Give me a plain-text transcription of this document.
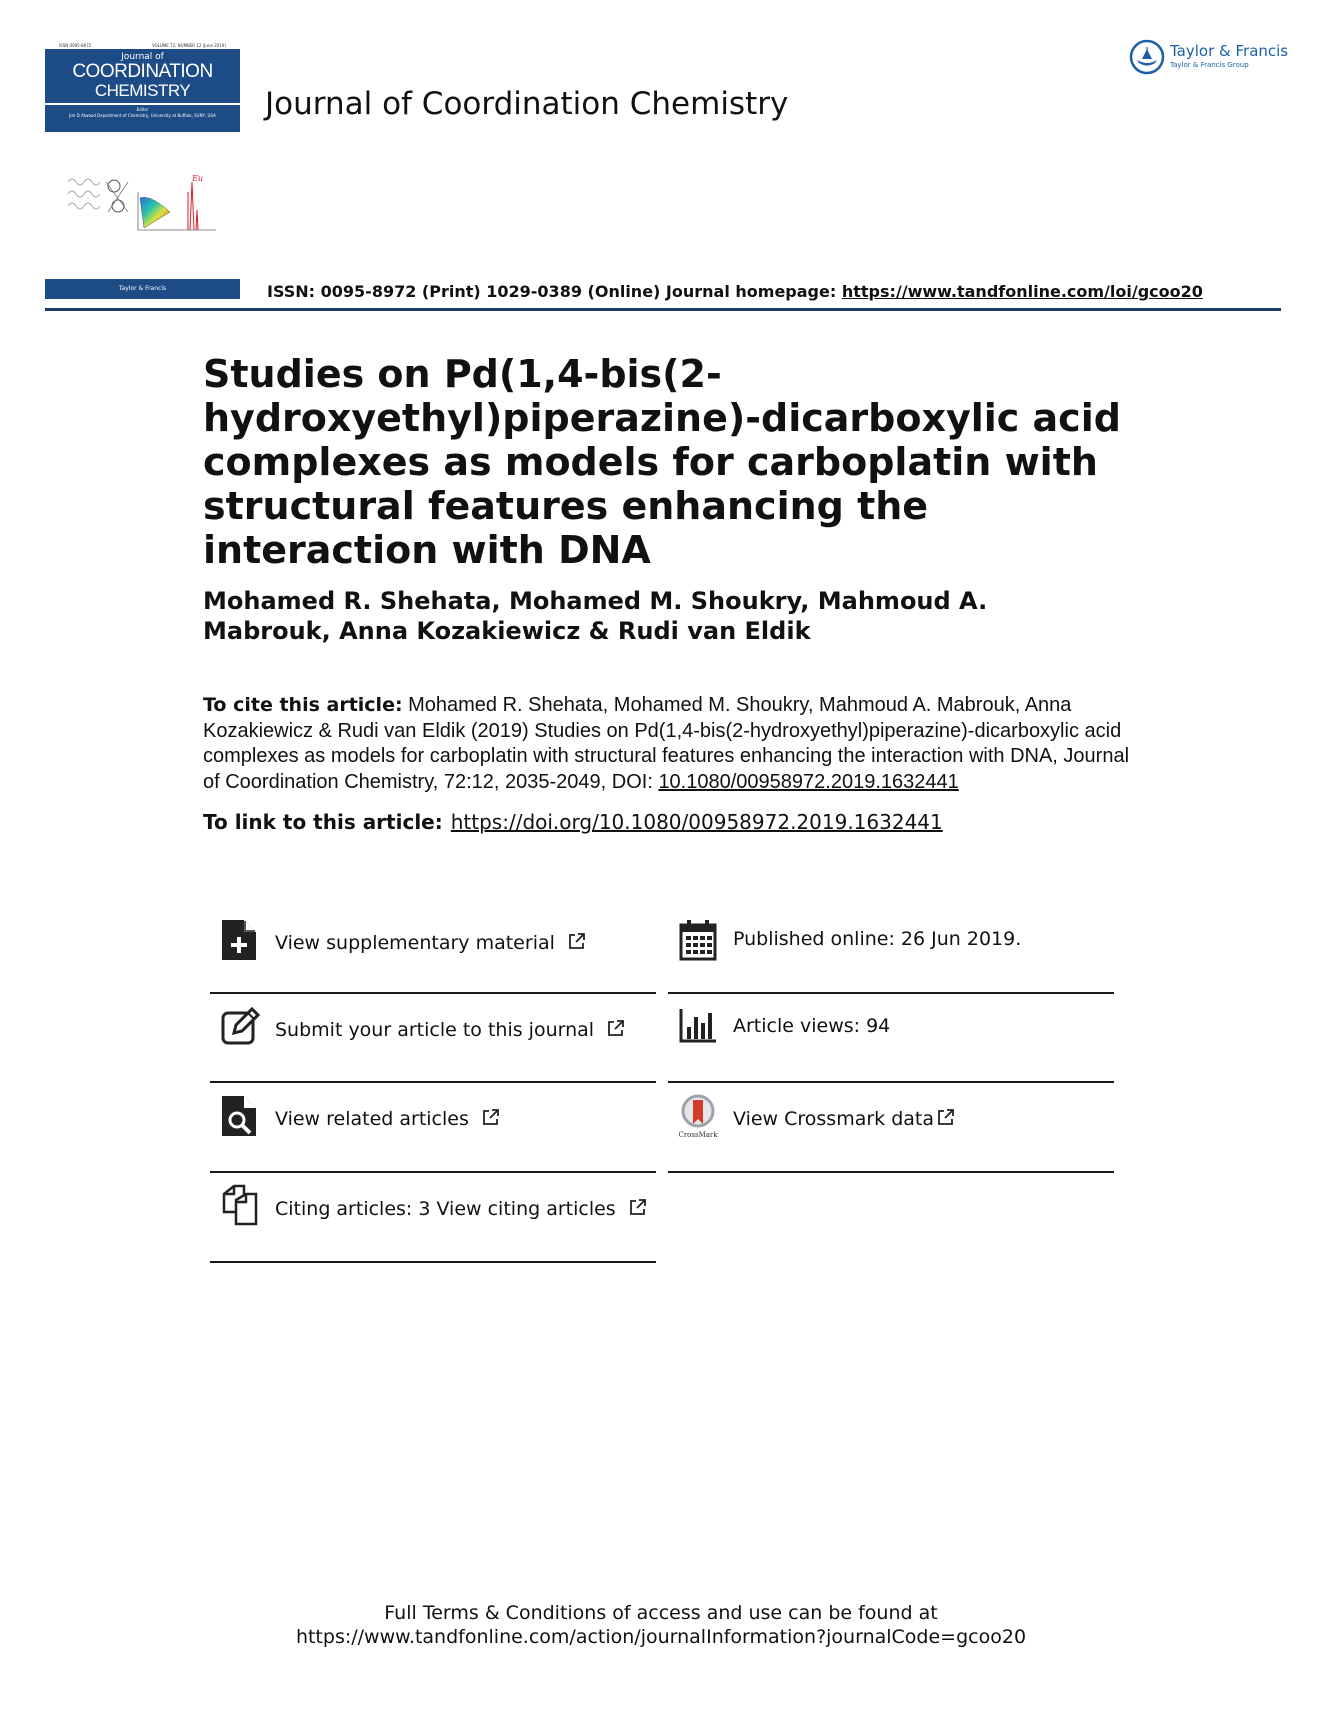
ISSN 0095-8972	VOLUME 72, NUMBER 12 (June 2019)
Journal of
COORDINATION
CHEMISTRY
Editor
Jim D Atwood Department of Chemistry, University at Buffalo, SUNY, USA	Journal of Coordination Chemistry
Taylor & Francis
Taylor & Francis Group
Eu
Taylor & Francis	ISSN: 0095-8972 (Print) 1029-0389 (Online) Journal homepage: https://www.tandfonline.com/loi/gcoo20
Studies on Pd(1,4-bis(2-hydroxyethyl)piperazine)-dicarboxylic acid complexes as models for carboplatin with structural features enhancing the interaction with DNA
Mohamed R. Shehata, Mohamed M. Shoukry, Mahmoud A. Mabrouk, Anna Kozakiewicz & Rudi van Eldik
To cite this article: Mohamed R. Shehata, Mohamed M. Shoukry, Mahmoud A. Mabrouk, Anna Kozakiewicz & Rudi van Eldik (2019) Studies on Pd(1,4-bis(2-hydroxyethyl)piperazine)-dicarboxylic acid complexes as models for carboplatin with structural features enhancing the interaction with DNA, Journal of Coordination Chemistry, 72:12, 2035-2049, DOI: 10.1080/00958972.2019.1632441
To link to this article: https://doi.org/10.1080/00958972.2019.1632441
View supplementary material
Submit your article to this journal
View related articles
Citing articles: 3 View citing articles
Published online: 26 Jun 2019.
Article views: 94
CrossMark
View Crossmark data
Full Terms & Conditions of access and use can be found at
https://www.tandfonline.com/action/journalInformation?journalCode=gcoo20
